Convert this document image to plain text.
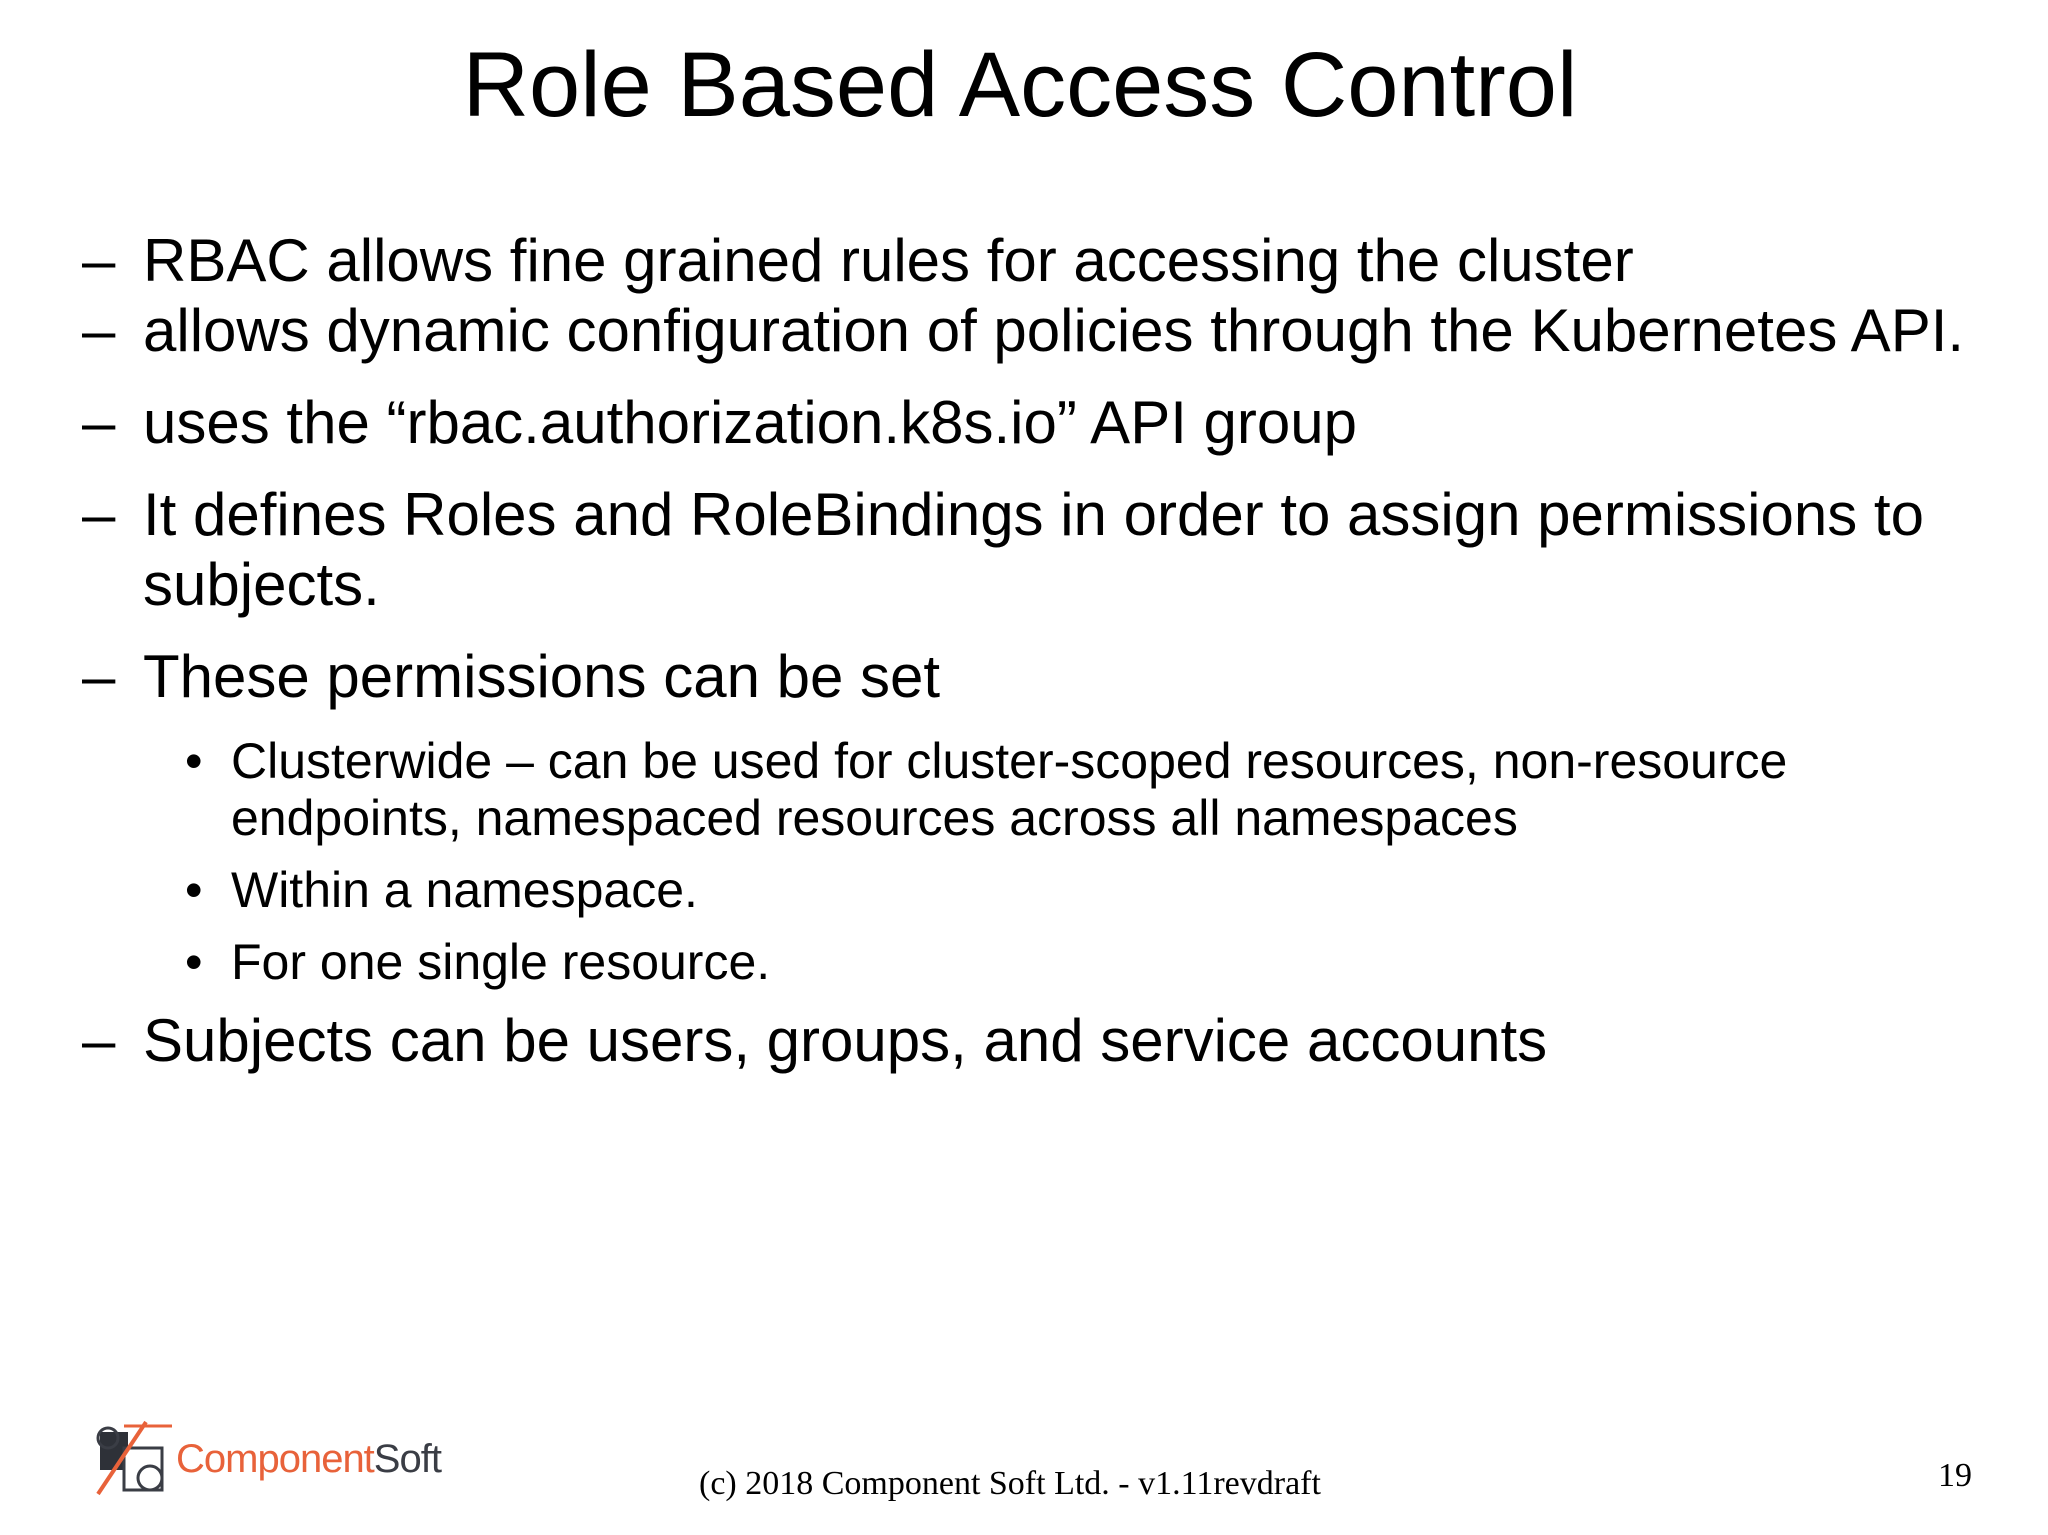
Role Based Access Control
– RBAC allows fine grained rules for accessing the cluster
– allows dynamic configuration of policies through the Kubernetes API.
– uses the “rbac.authorization.k8s.io” API group
– It defines Roles and RoleBindings in order to assign permissions to
subjects.
– These permissions can be set
• Clusterwide – can be used for cluster-scoped resources, non-resource
endpoints, namespaced resources across all namespaces
• Within a namespace.
• For one single resource.
– Subjects can be users, groups, and service accounts
ComponentSoft
(c) 2018 Component Soft Ltd. - v1.11revdraft	19
